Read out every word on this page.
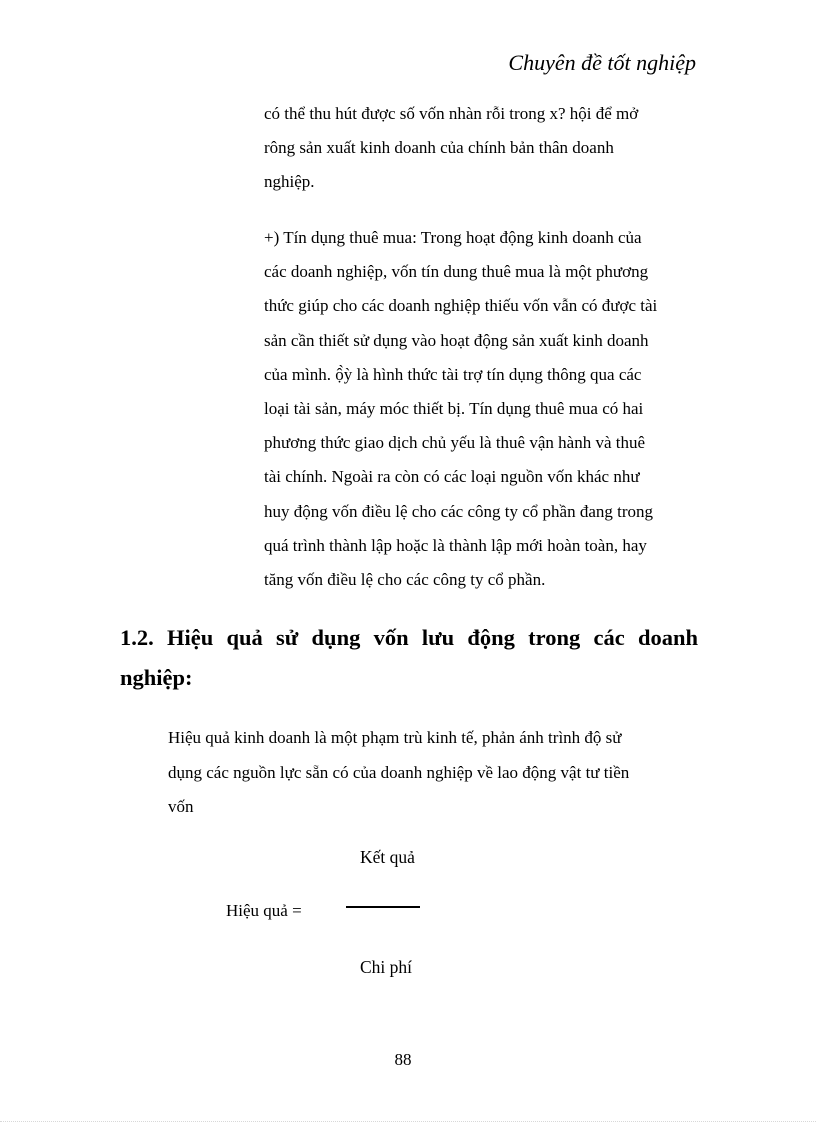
Chuyên đề tốt nghiệp

có thể thu hút được số vốn nhàn rỗi trong x? hội để mở

rông sản xuất kinh doanh của chính bản thân doanh

nghiệp.

+) Tín dụng thuê mua: Trong hoạt động kinh doanh của

các doanh nghiệp, vốn tín dung thuê mua là một phương

thức giúp cho các doanh nghiệp thiếu vốn vẫn có được tài

sản cần thiết sử dụng vào hoạt động sản xuất kinh doanh

của mình. ộ̀ỳ là hình thức tài trợ tín dụng thông qua các

loại tài sản, máy móc thiết bị. Tín dụng thuê mua có hai

phương thức giao dịch chủ yếu là thuê vận hành và thuê

tài chính. Ngoài ra còn có các loại nguồn vốn khác như

huy động vốn điều lệ cho các công ty cổ phần đang trong

quá trình thành lập hoặc là thành lập mới hoàn toàn, hay

tăng vốn điều lệ cho các công ty cổ phần.

1.2. Hiệu quả sử dụng vốn lưu động trong các doanh nghiệp:

Hiệu quả kinh doanh là một phạm trù kinh tế, phản ánh trình độ sử

dụng các nguồn lực sẵn có của doanh nghiệp về lao động vật tư tiền

vốn

Kết quả
Hiệu quả =
Chi phí
88
